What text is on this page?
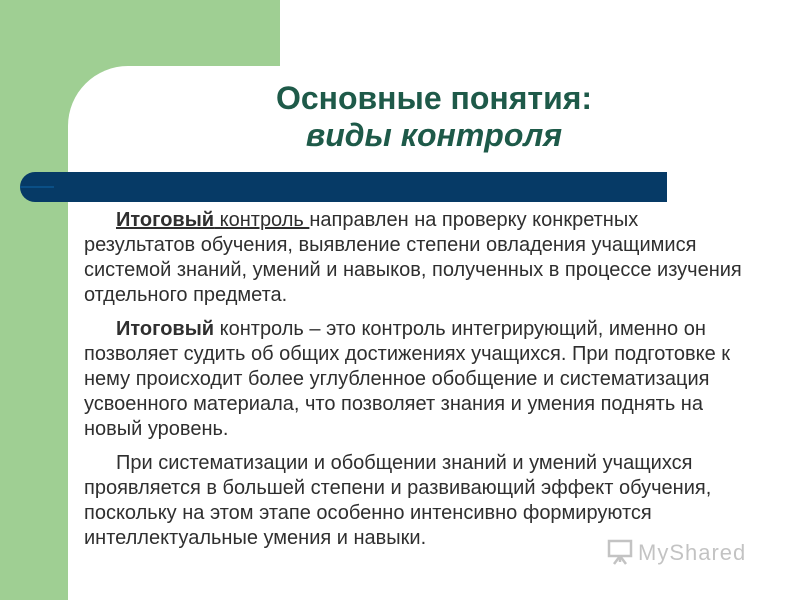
Основные понятия:
виды контроля

Итоговый контроль направлен на проверку конкретных результатов обучения, выявление степени овладения учащимися системой знаний, умений и навыков, полученных в процессе изучения отдельного предмета.

Итоговый контроль – это контроль интегрирующий, именно он позволяет судить об общих достижениях учащихся. При подготовке к нему происходит более углубленное обобщение и систематизация усвоенного материала, что позволяет знания и умения поднять на новый уровень.

При систематизации и обобщении знаний и умений учащихся проявляется в большей степени и развивающий эффект обучения, поскольку на этом этапе особенно интенсивно формируются интеллектуальные умения и навыки.

MyShared
